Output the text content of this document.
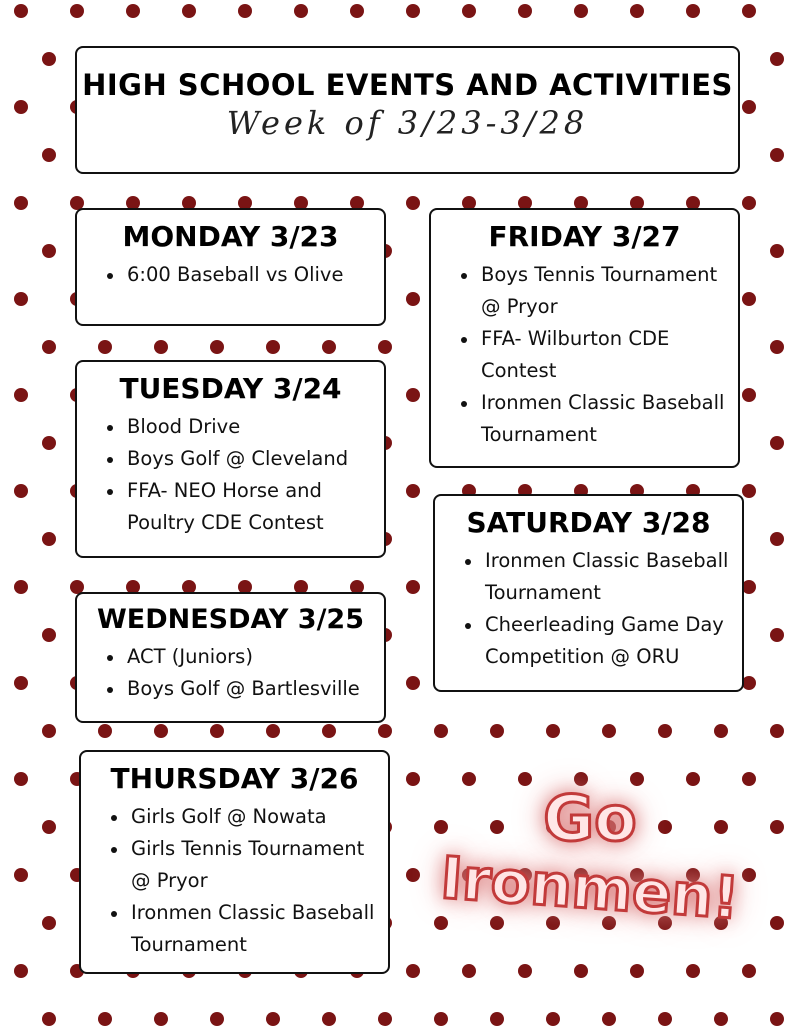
HIGH SCHOOL EVENTS AND ACTIVITIES
Week of 3/23-3/28
MONDAY 3/23
6:00 Baseball vs Olive
TUESDAY 3/24
Blood Drive
Boys Golf @ Cleveland
FFA- NEO Horse and Poultry CDE Contest
WEDNESDAY 3/25
ACT (Juniors)
Boys Golf @ Bartlesville
THURSDAY 3/26
Girls Golf @ Nowata
Girls Tennis Tournament @ Pryor
Ironmen Classic Baseball Tournament
FRIDAY 3/27
Boys Tennis Tournament @ Pryor
FFA- Wilburton CDE Contest
Ironmen Classic Baseball Tournament
SATURDAY 3/28
Ironmen Classic Baseball Tournament
Cheerleading Game Day Competition @ ORU
Go
Ironmen!
